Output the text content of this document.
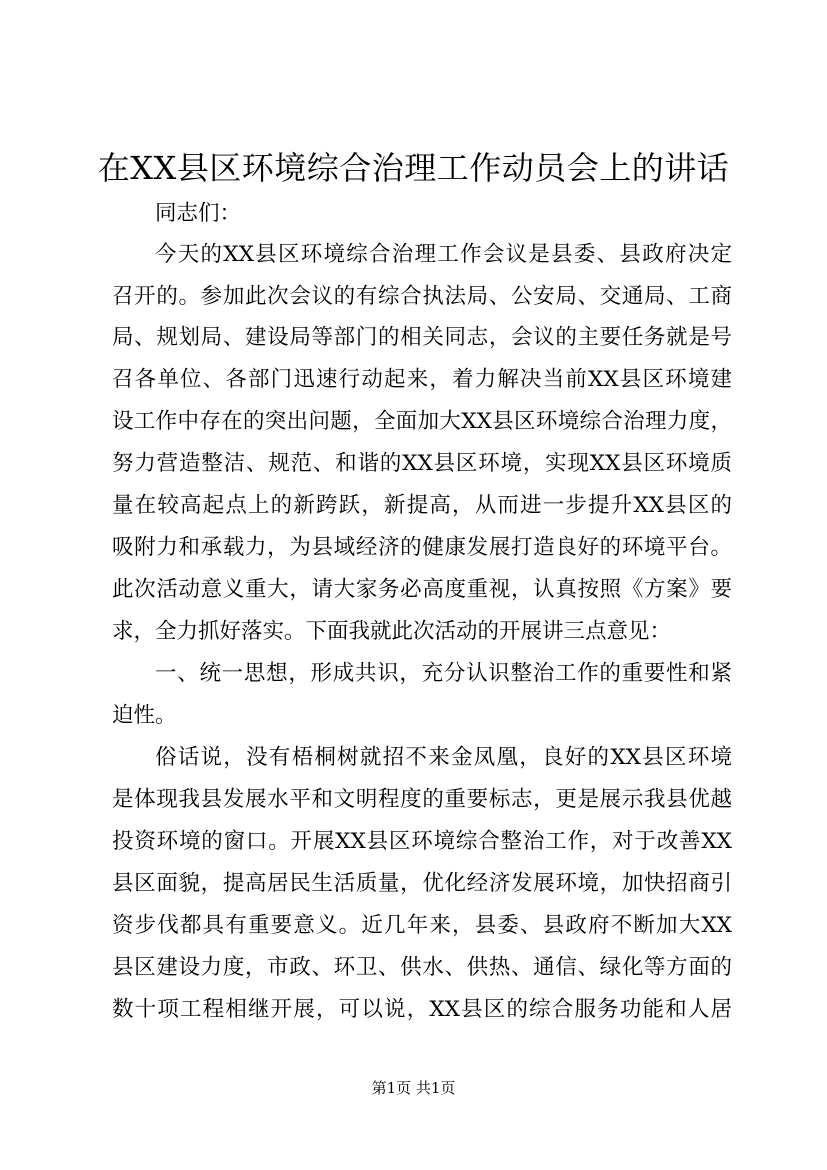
在XX县区环境综合治理工作动员会上的讲话
同志们：
今天的XX县区环境综合治理工作会议是县委、县政府决定
召开的。参加此次会议的有综合执法局、公安局、交通局、工商
局、规划局、建设局等部门的相关同志，会议的主要任务就是号
召各单位、各部门迅速行动起来，着力解决当前XX县区环境建
设工作中存在的突出问题，全面加大XX县区环境综合治理力度，
努力营造整洁、规范、和谐的XX县区环境，实现XX县区环境质
量在较高起点上的新跨跃，新提高，从而进一步提升XX县区的
吸附力和承载力，为县域经济的健康发展打造良好的环境平台。
此次活动意义重大，请大家务必高度重视，认真按照《方案》要
求，全力抓好落实。下面我就此次活动的开展讲三点意见：
一、统一思想，形成共识，充分认识整治工作的重要性和紧
迫性。
俗话说，没有梧桐树就招不来金凤凰，良好的XX县区环境
是体现我县发展水平和文明程度的重要标志，更是展示我县优越
投资环境的窗口。开展XX县区环境综合整治工作，对于改善XX
县区面貌，提高居民生活质量，优化经济发展环境，加快招商引
资步伐都具有重要意义。近几年来，县委、县政府不断加大XX
县区建设力度，市政、环卫、供水、供热、通信、绿化等方面的
数十项工程相继开展，可以说，XX县区的综合服务功能和人居
第1页 共1页
